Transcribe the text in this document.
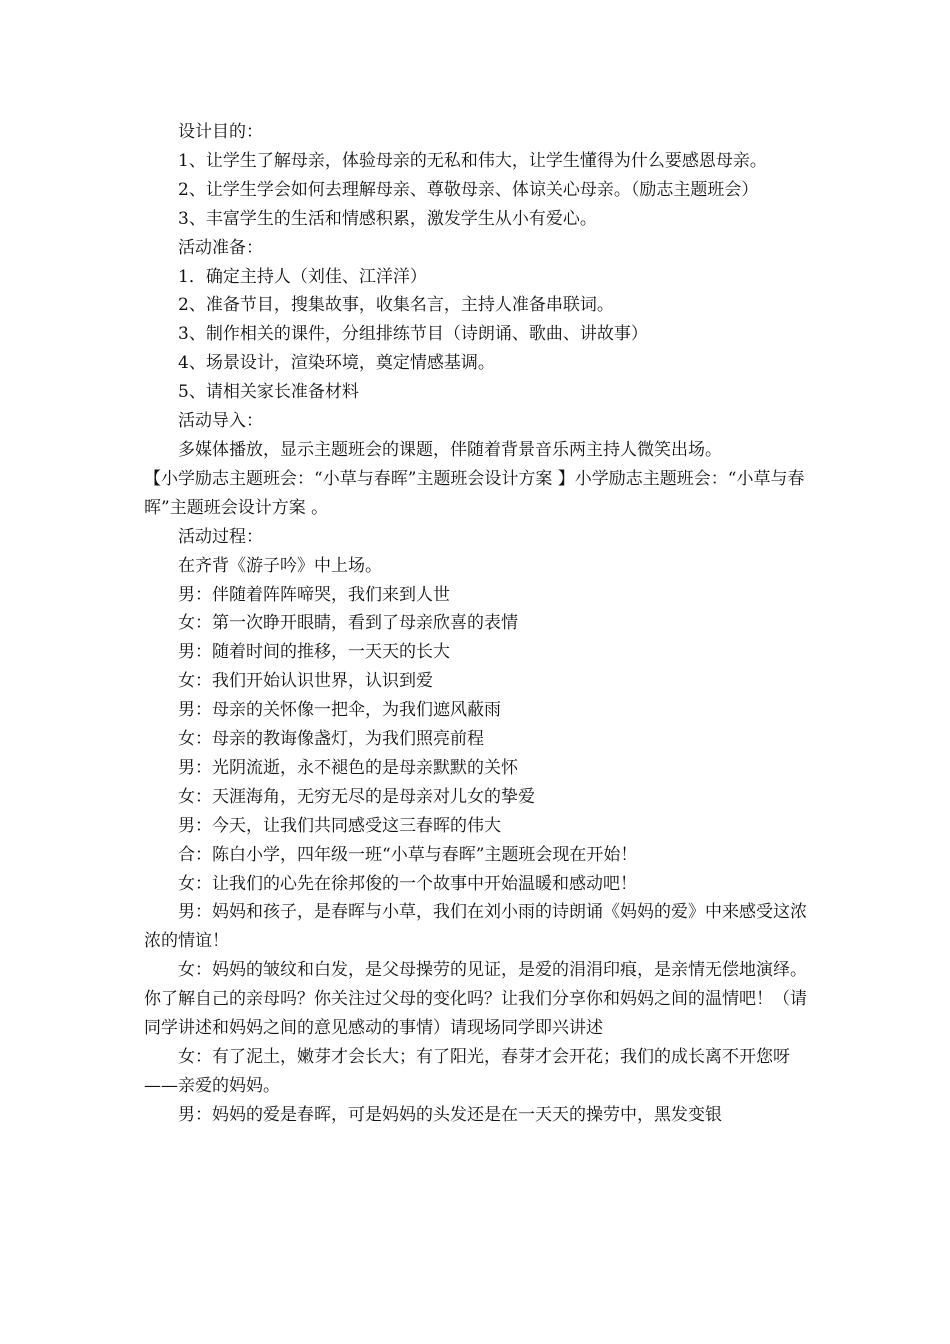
设计目的：

1、让学生了解母亲，体验母亲的无私和伟大，让学生懂得为什么要感恩母亲。

2、让学生学会如何去理解母亲、尊敬母亲、体谅关心母亲。（励志主题班会）

3、丰富学生的生活和情感积累，激发学生从小有爱心。

活动准备：

1．确定主持人（刘佳、江洋洋）

2、准备节目，搜集故事，收集名言，主持人准备串联词。

3、制作相关的课件，分组排练节目（诗朗诵、歌曲、讲故事）

4、场景设计，渲染环境，奠定情感基调。

5、请相关家长准备材料

活动导入：

多媒体播放，显示主题班会的课题，伴随着背景音乐两主持人微笑出场。

【小学励志主题班会：“小草与春晖”主题班会设计方案 】小学励志主题班会：“小草与春晖”主题班会设计方案 。

活动过程：

在齐背《游子吟》中上场。

男：伴随着阵阵啼哭，我们来到人世

女：第一次睁开眼睛，看到了母亲欣喜的表情

男：随着时间的推移，一天天的长大

女：我们开始认识世界，认识到爱

男：母亲的关怀像一把伞，为我们遮风蔽雨

女：母亲的教诲像盏灯，为我们照亮前程

男：光阴流逝，永不褪色的是母亲默默的关怀

女：天涯海角，无穷无尽的是母亲对儿女的挚爱

男：今天，让我们共同感受这三春晖的伟大

合：陈白小学，四年级一班“小草与春晖”主题班会现在开始！

女：让我们的心先在徐邦俊的一个故事中开始温暖和感动吧！

男：妈妈和孩子，是春晖与小草，我们在刘小雨的诗朗诵《妈妈的爱》中来感受这浓浓的情谊！

女：妈妈的皱纹和白发，是父母操劳的见证，是爱的涓涓印痕，是亲情无偿地演绎。你了解自己的亲母吗？你关注过父母的变化吗？让我们分享你和妈妈之间的温情吧！（请同学讲述和妈妈之间的意见感动的事情）请现场同学即兴讲述

女：有了泥土，嫩芽才会长大；有了阳光，春芽才会开花；我们的成长离不开您呀——亲爱的妈妈。

男：妈妈的爱是春晖，可是妈妈的头发还是在一天天的操劳中，黑发变银
